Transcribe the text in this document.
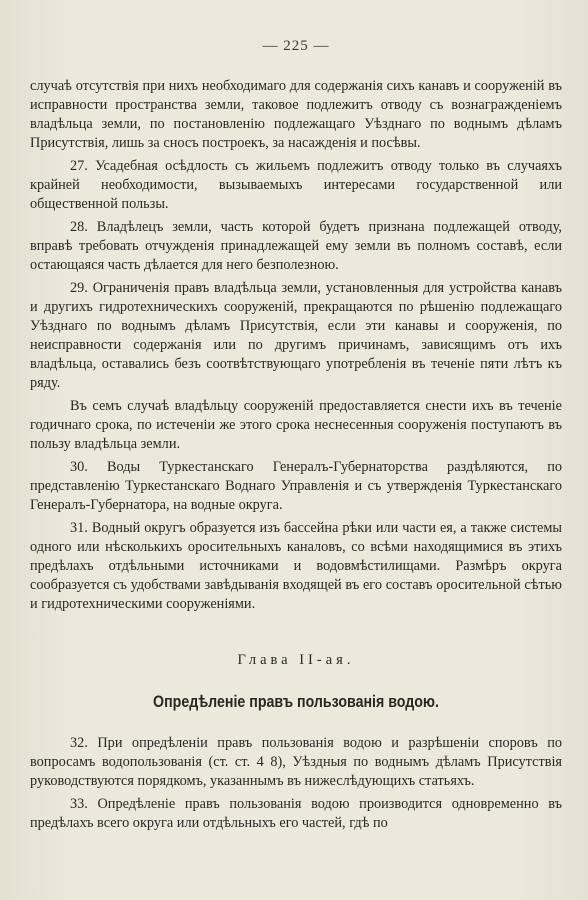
— 225 —

случаѣ отсутствія при нихъ необходимаго для содержанія сихъ канавъ и сооруженій въ исправности пространства земли, таковое подлежитъ отводу съ вознагражденіемъ владѣльца земли, по постановленію подлежащаго Уѣзднаго по воднымъ дѣламъ Присутствія, лишь за сносъ построекъ, за насажденія и посѣвы.

27. Усадебная осѣдлость съ жильемъ подлежитъ отводу только въ случаяхъ крайней необходимости, вызываемыхъ интересами государственной или общественной пользы.

28. Владѣлецъ земли, часть которой будетъ признана подлежащей отводу, вправѣ требовать отчужденія принадлежащей ему земли въ полномъ составѣ, если остающаяся часть дѣлается для него безполезною.

29. Ограниченія правъ владѣльца земли, установленныя для устройства канавъ и другихъ гидротехническихъ сооруженій, прекращаются по рѣшенію подлежащаго Уѣзднаго по воднымъ дѣламъ Присутствія, если эти канавы и сооруженія, по неисправности содержанія или по другимъ причинамъ, зависящимъ отъ ихъ владѣльца, оставались безъ соотвѣтствующаго употребленія въ теченіе пяти лѣтъ къ ряду.

Въ семъ случаѣ владѣльцу сооруженій предоставляется снести ихъ въ теченіе годичнаго срока, по истеченіи же этого срока неснесенныя сооруженія поступаютъ въ пользу владѣльца земли.

30. Воды Туркестанскаго Генералъ-Губернаторства раздѣляются, по представленію Туркестанскаго Воднаго Управленія и съ утвержденія Туркестанскаго Генералъ-Губернатора, на водные округа.

31. Водный округъ образуется изъ бассейна рѣки или части ея, а также системы одного или нѣсколькихъ оросительныхъ каналовъ, со всѣми находящимися въ этихъ предѣлахъ отдѣльными источниками и водовмѣстилищами. Размѣръ округа сообразуется съ удобствами завѣдыванія входящей въ его составъ оросительной сѣтью и гидротехническими сооруженіями.

Глава II-ая.
Опредѣленіе правъ пользованія водою.

32. При опредѣленіи правъ пользованія водою и разрѣшеніи споровъ по вопросамъ водопользованія (ст. ст. 4 8), Уѣздныя по воднымъ дѣламъ Присутствія руководствуются порядкомъ, указаннымъ въ нижеслѣдующихъ статьяхъ.

33. Опредѣленіе правъ пользованія водою производится одновременно въ предѣлахъ всего округа или отдѣльныхъ его частей, гдѣ по
